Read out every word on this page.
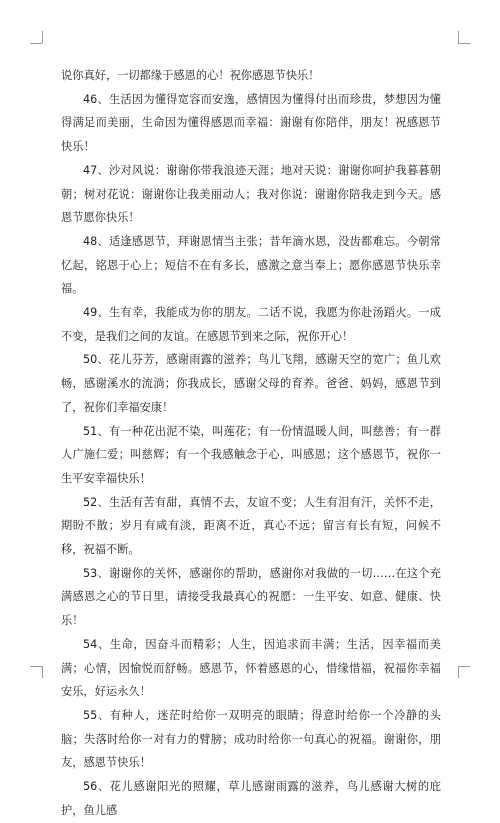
说你真好，一切都缘于感恩的心！祝你感恩节快乐！

46、生活因为懂得宽容而安逸，感情因为懂得付出而珍贵，梦想因为懂得满足而美丽，生命因为懂得感恩而幸福：谢谢有你陪伴，朋友！祝感恩节快乐！

47、沙对风说：谢谢你带我浪迹天涯；地对天说：谢谢你呵护我暮暮朝朝；树对花说：谢谢你让我美丽动人；我对你说：谢谢你陪我走到今天。感恩节愿你快乐！

48、适逢感恩节，拜谢恩情当主张；昔年滴水恩，没齿都难忘。今朝常忆起，铭恩于心上；短信不在有多长，感激之意当奉上；愿你感恩节快乐幸福。

49、生有幸，我能成为你的朋友。二话不说，我愿为你赴汤蹈火。一成不变，是我们之间的友谊。在感恩节到来之际，祝你开心！

50、花儿芬芳，感谢雨露的滋养；鸟儿飞翔，感谢天空的宽广；鱼儿欢畅，感谢溪水的流淌；你我成长，感谢父母的育养。爸爸、妈妈，感恩节到了，祝你们幸福安康！

51、有一种花出泥不染，叫莲花；有一份情温暖人间，叫慈善；有一群人广施仁爱；叫慈辉；有一个我感触念于心，叫感恩；这个感恩节，祝你一生平安幸福快乐！

52、生活有苦有甜，真情不去，友谊不变；人生有泪有汗，关怀不走，期盼不散；岁月有咸有淡，距离不近，真心不远；留言有长有短，问候不移，祝福不断。

53、谢谢你的关怀，感谢你的帮助，感谢你对我做的一切……在这个充满感恩之心的节日里，请接受我最真心的祝愿：一生平安、如意、健康、快乐！

54、生命，因奋斗而精彩；人生，因追求而丰满；生活，因幸福而美满；心情，因愉悦而舒畅。感恩节，怀着感恩的心，惜缘惜福，祝福你幸福安乐，好运永久！

55、有种人，迷茫时给你一双明亮的眼睛；得意时给你一个冷静的头脑；失落时给你一对有力的臂膀；成功时给你一句真心的祝福。谢谢你，朋友，感恩节快乐！

56、花儿感谢阳光的照耀，草儿感谢雨露的滋养，鸟儿感谢大树的庇护，鱼儿感
